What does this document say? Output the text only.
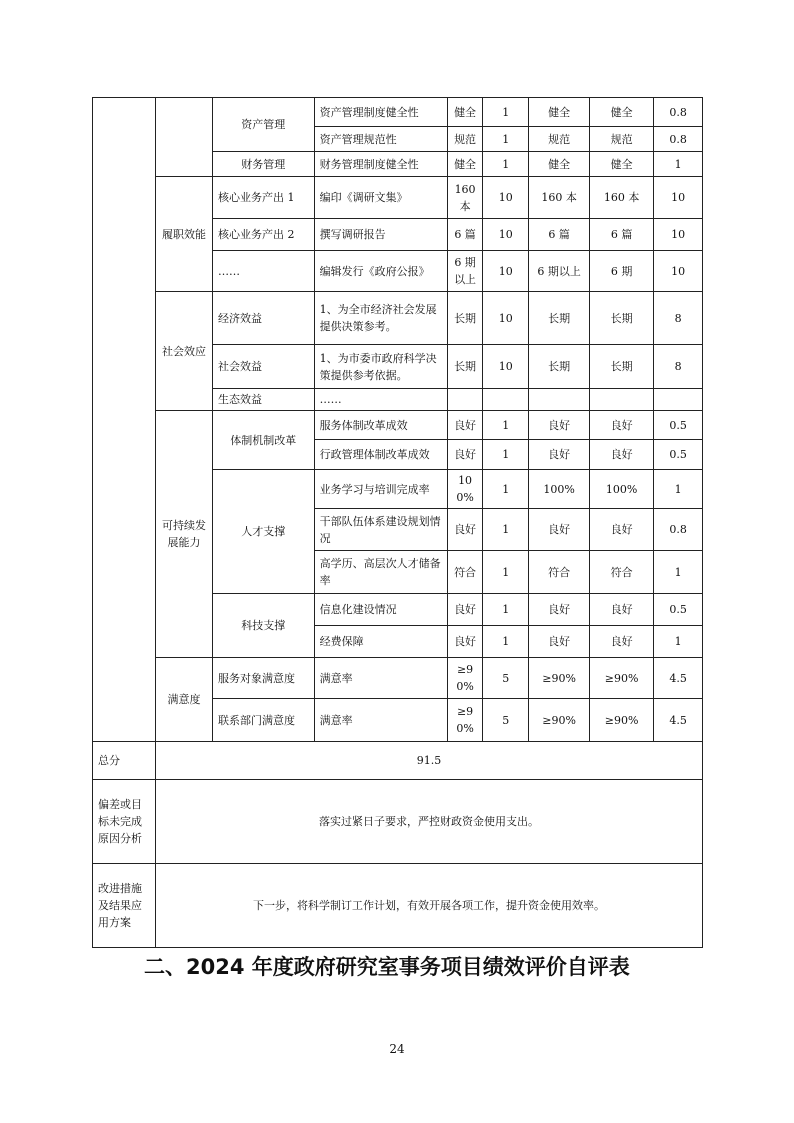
		资产管理	资产管理制度健全性	健全	1	健全	健全	0.8
			资产管理规范性	规范	1	规范	规范	0.8
		财务管理	财务管理制度健全性	健全	1	健全	健全	1
	履职效能	核心业务产出 1	编印《调研文集》	160本	10	160 本	160 本	10
		核心业务产出 2	撰写调研报告	6 篇	10	6 篇	6 篇	10
		……	编辑发行《政府公报》	6 期以上	10	6 期以上	6 期	10
	社会效应	经济效益	1、为全市经济社会发展提供决策参考。	长期	10	长期	长期	8
		社会效益	1、为市委市政府科学决策提供参考依据。	长期	10	长期	长期	8
		生态效益	……					
	可持续发展能力	体制机制改革	服务体制改革成效	良好	1	良好	良好	0.5
			行政管理体制改革成效	良好	1	良好	良好	0.5
		人才支撑	业务学习与培训完成率	100%	1	100%	100%	1
			干部队伍体系建设规划情况	良好	1	良好	良好	0.8
			高学历、高层次人才储备率	符合	1	符合	符合	1
		科技支撑	信息化建设情况	良好	1	良好	良好	0.5
			经费保障	良好	1	良好	良好	1
	满意度	服务对象满意度	满意率	≥90%	5	≥90%	≥90%	4.5
		联系部门满意度	满意率	≥90%	5	≥90%	≥90%	4.5
总分	91.5							
偏差或目标未完成原因分析	落实过紧日子要求，严控财政资金使用支出。							
改进措施及结果应用方案	下一步，将科学制订工作计划，有效开展各项工作，提升资金使用效率。							
二、2024 年度政府研究室事务项目绩效评价自评表
24
